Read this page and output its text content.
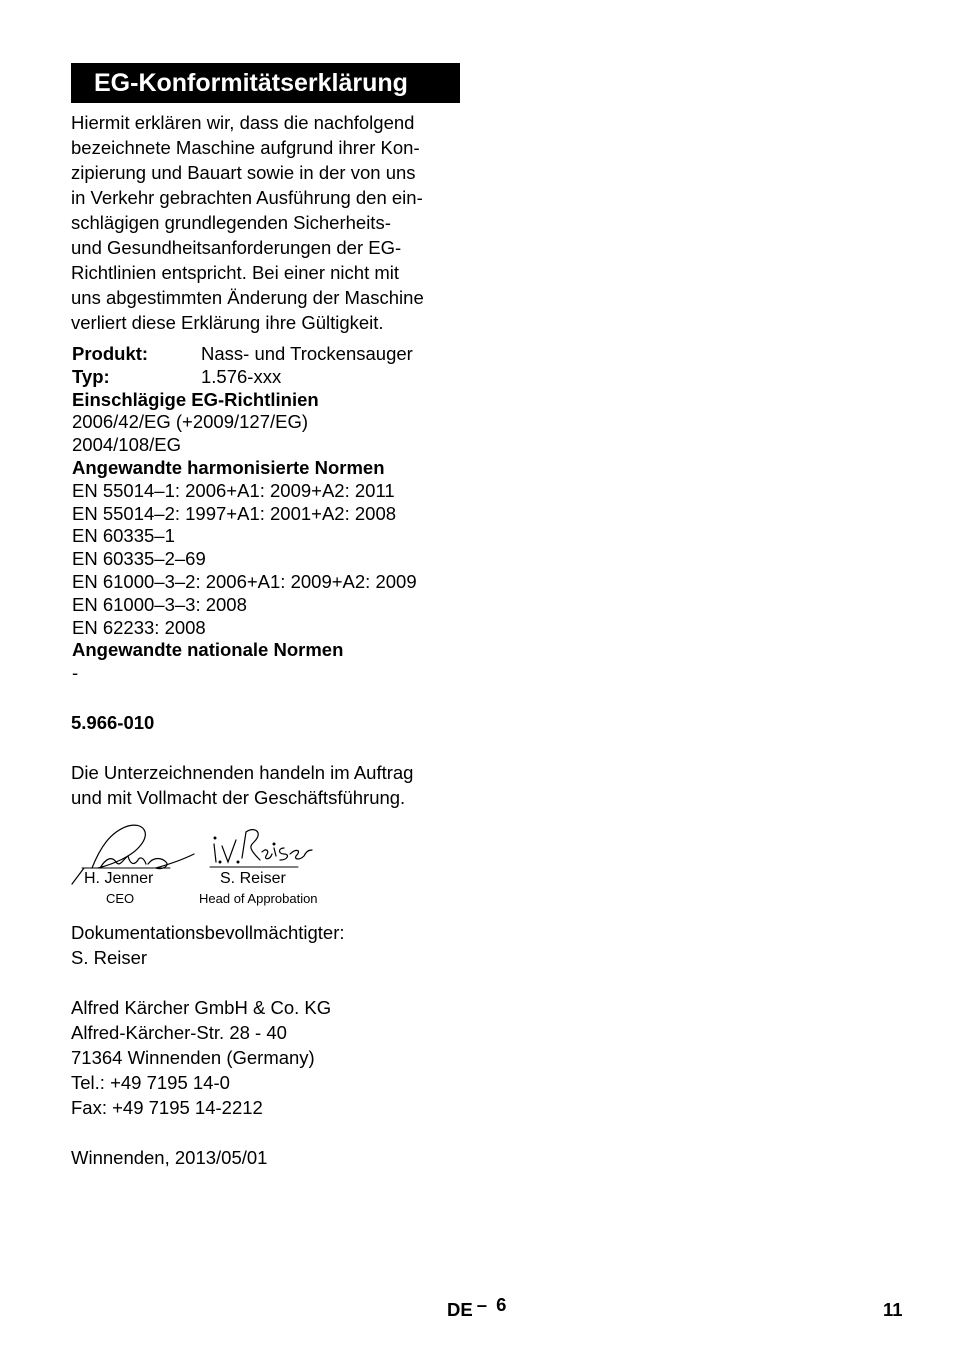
EG-Konformitätserklärung
Hiermit erklären wir, dass die nachfolgend
bezeichnete Maschine aufgrund ihrer Kon-
zipierung und Bauart sowie in der von uns
in Verkehr gebrachten Ausführung den ein-
schlägigen grundlegenden Sicherheits-
und Gesundheitsanforderungen der EG-
Richtlinien entspricht. Bei einer nicht mit
uns abgestimmten Änderung der Maschine
verliert diese Erklärung ihre Gültigkeit.
Produkt:	Nass- und Trockensauger
Typ:	1.576-xxx
Einschlägige EG-Richtlinien
2006/42/EG (+2009/127/EG)
2004/108/EG
Angewandte harmonisierte Normen
EN 55014–1: 2006+A1: 2009+A2: 2011
EN 55014–2: 1997+A1: 2001+A2: 2008
EN 60335–1
EN 60335–2–69
EN 61000–3–2: 2006+A1: 2009+A2: 2009
EN 61000–3–3: 2008
EN 62233: 2008
Angewandte nationale Normen
-
5.966-010
Die Unterzeichnenden handeln im Auftrag
und mit Vollmacht der Geschäftsführung.
H. Jenner
CEO
S. Reiser
Head of Approbation
Dokumentationsbevollmächtigter:
S. Reiser
Alfred Kärcher GmbH & Co. KG
Alfred-Kärcher-Str. 28 - 40
71364 Winnenden (Germany)
Tel.: +49 7195 14-0
Fax: +49 7195 14-2212
Winnenden, 2013/05/01
DE – 6	11
